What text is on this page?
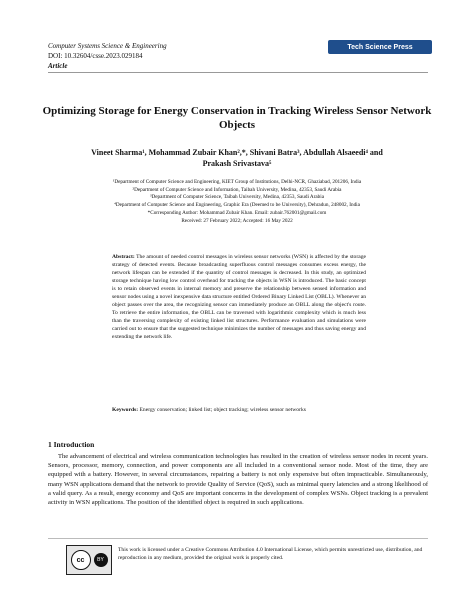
Computer Systems Science & Engineering
DOI: 10.32604/csse.2023.029184
Article
Tech Science Press
Optimizing Storage for Energy Conservation in Tracking Wireless Sensor Network Objects
Vineet Sharma¹, Mohammad Zubair Khan²,*, Shivani Batra³, Abdullah Alsaeedi⁴ and
Prakash Srivastava⁵
¹Department of Computer Science and Engineering, KIET Group of Institutions, Delhi-NCR, Ghaziabad, 201206, India
²Department of Computer Science and Information, Taibah University, Medina, 42353, Saudi Arabia
³Department of Computer Science, Taibah University, Medina, 42353, Saudi Arabia
⁴Department of Computer Science and Engineering, Graphic Era (Deemed to be University), Dehradun, 248002, India
*Corresponding Author: Mohammad Zubair Khan. Email: zubair.762001@gmail.com
Received: 27 February 2022; Accepted: 16 May 2022
Abstract: The amount of needed control messages in wireless sensor networks (WSN) is affected by the storage strategy of detected events. Because broadcasting superfluous control messages consumes excess energy, the network lifespan can be extended if the quantity of control messages is decreased. In this study, an optimized storage technique having low control overhead for tracking the objects in WSN is introduced. The basic concept is to retain observed events in internal memory and preserve the relationship between sensed information and sensor nodes using a novel inexpensive data structure entitled Ordered Binary Linked List (OBLL). Whenever an object passes over the area, the recognizing sensor can immediately produce an OBLL along the object's route. To retrieve the entire information, the OBLL can be traversed with logarithmic complexity which is much less than the traversing complexity of existing linked list structures. Performance evaluation and simulations were carried out to ensure that the suggested technique minimizes the number of messages and thus saving energy and extending the network life.
Keywords: Energy conservation; linked list; object tracking; wireless sensor networks
1 Introduction
The advancement of electrical and wireless communication technologies has resulted in the creation of wireless sensor nodes in recent years. Sensors, processor, memory, connection, and power components are all included in a conventional sensor node. Most of the time, they are equipped with a battery. However, in several circumstances, repairing a battery is not only expensive but often impracticable. Simultaneously, many WSN applications demand that the network to provide Quality of Service (QoS), such as minimal query latencies and a strong likelihood of a valid query. As a result, energy economy and QoS are important concerns in the development of complex WSNs. Object tracking is a prevalent activity in WSN applications. The position of the identified object is required in such applications.
cc	BY
This work is licensed under a Creative Commons Attribution 4.0 International License, which permits unrestricted use, distribution, and reproduction in any medium, provided the original work is properly cited.
